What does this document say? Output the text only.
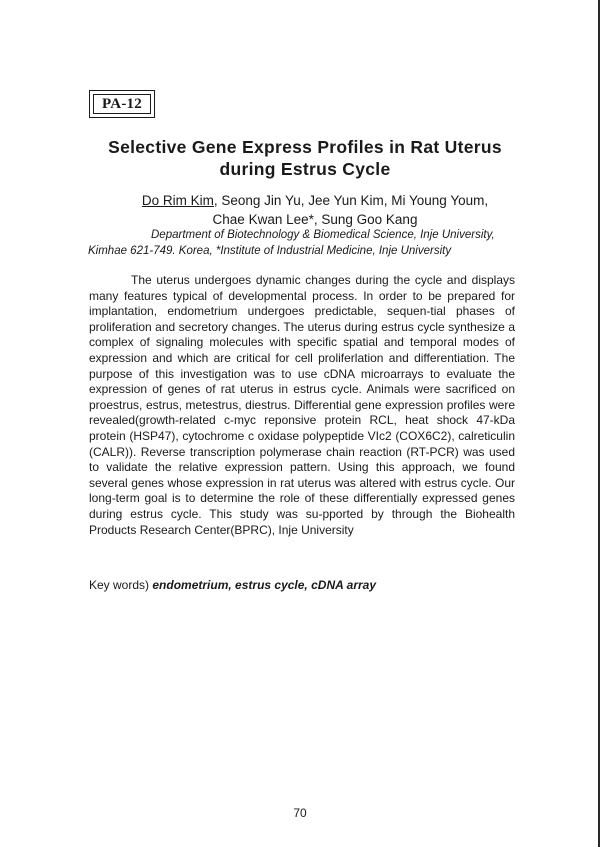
PA-12
Selective Gene Express Profiles in Rat Uterus
during Estrus Cycle
Do Rim Kim, Seong Jin Yu, Jee Yun Kim, Mi Young Youm,
Chae Kwan Lee*, Sung Goo Kang
Department of Biotechnology & Biomedical Science, Inje University,
Kimhae 621-749. Korea, *Institute of Industrial Medicine, Inje University

The uterus undergoes dynamic changes during the cycle and displays many features typical of developmental process. In order to be prepared for implantation, endometrium undergoes predictable, sequen-tial phases of proliferation and secretory changes. The uterus during estrus cycle synthesize a complex of signaling molecules with specific spatial and temporal modes of expression and which are critical for cell proliferlation and differentiation. The purpose of this investigation was to use cDNA microarrays to evaluate the expression of genes of rat uterus in estrus cycle. Animals were sacrificed on proestrus, estrus, metestrus, diestrus. Differential gene expression profiles were revealed(growth-related c-myc reponsive protein RCL, heat shock 47-kDa protein (HSP47), cytochrome c oxidase polypeptide VIc2 (COX6C2), calreticulin (CALR)). Reverse transcription polymerase chain reaction (RT-PCR) was used to validate the relative expression pattern. Using this approach, we found several genes whose expression in rat uterus was altered with estrus cycle. Our long-term goal is to determine the role of these differentially expressed genes during estrus cycle. This study was su-pported by through the Biohealth Products Research Center(BPRC), Inje University

Key words) endometrium, estrus cycle, cDNA array
70
